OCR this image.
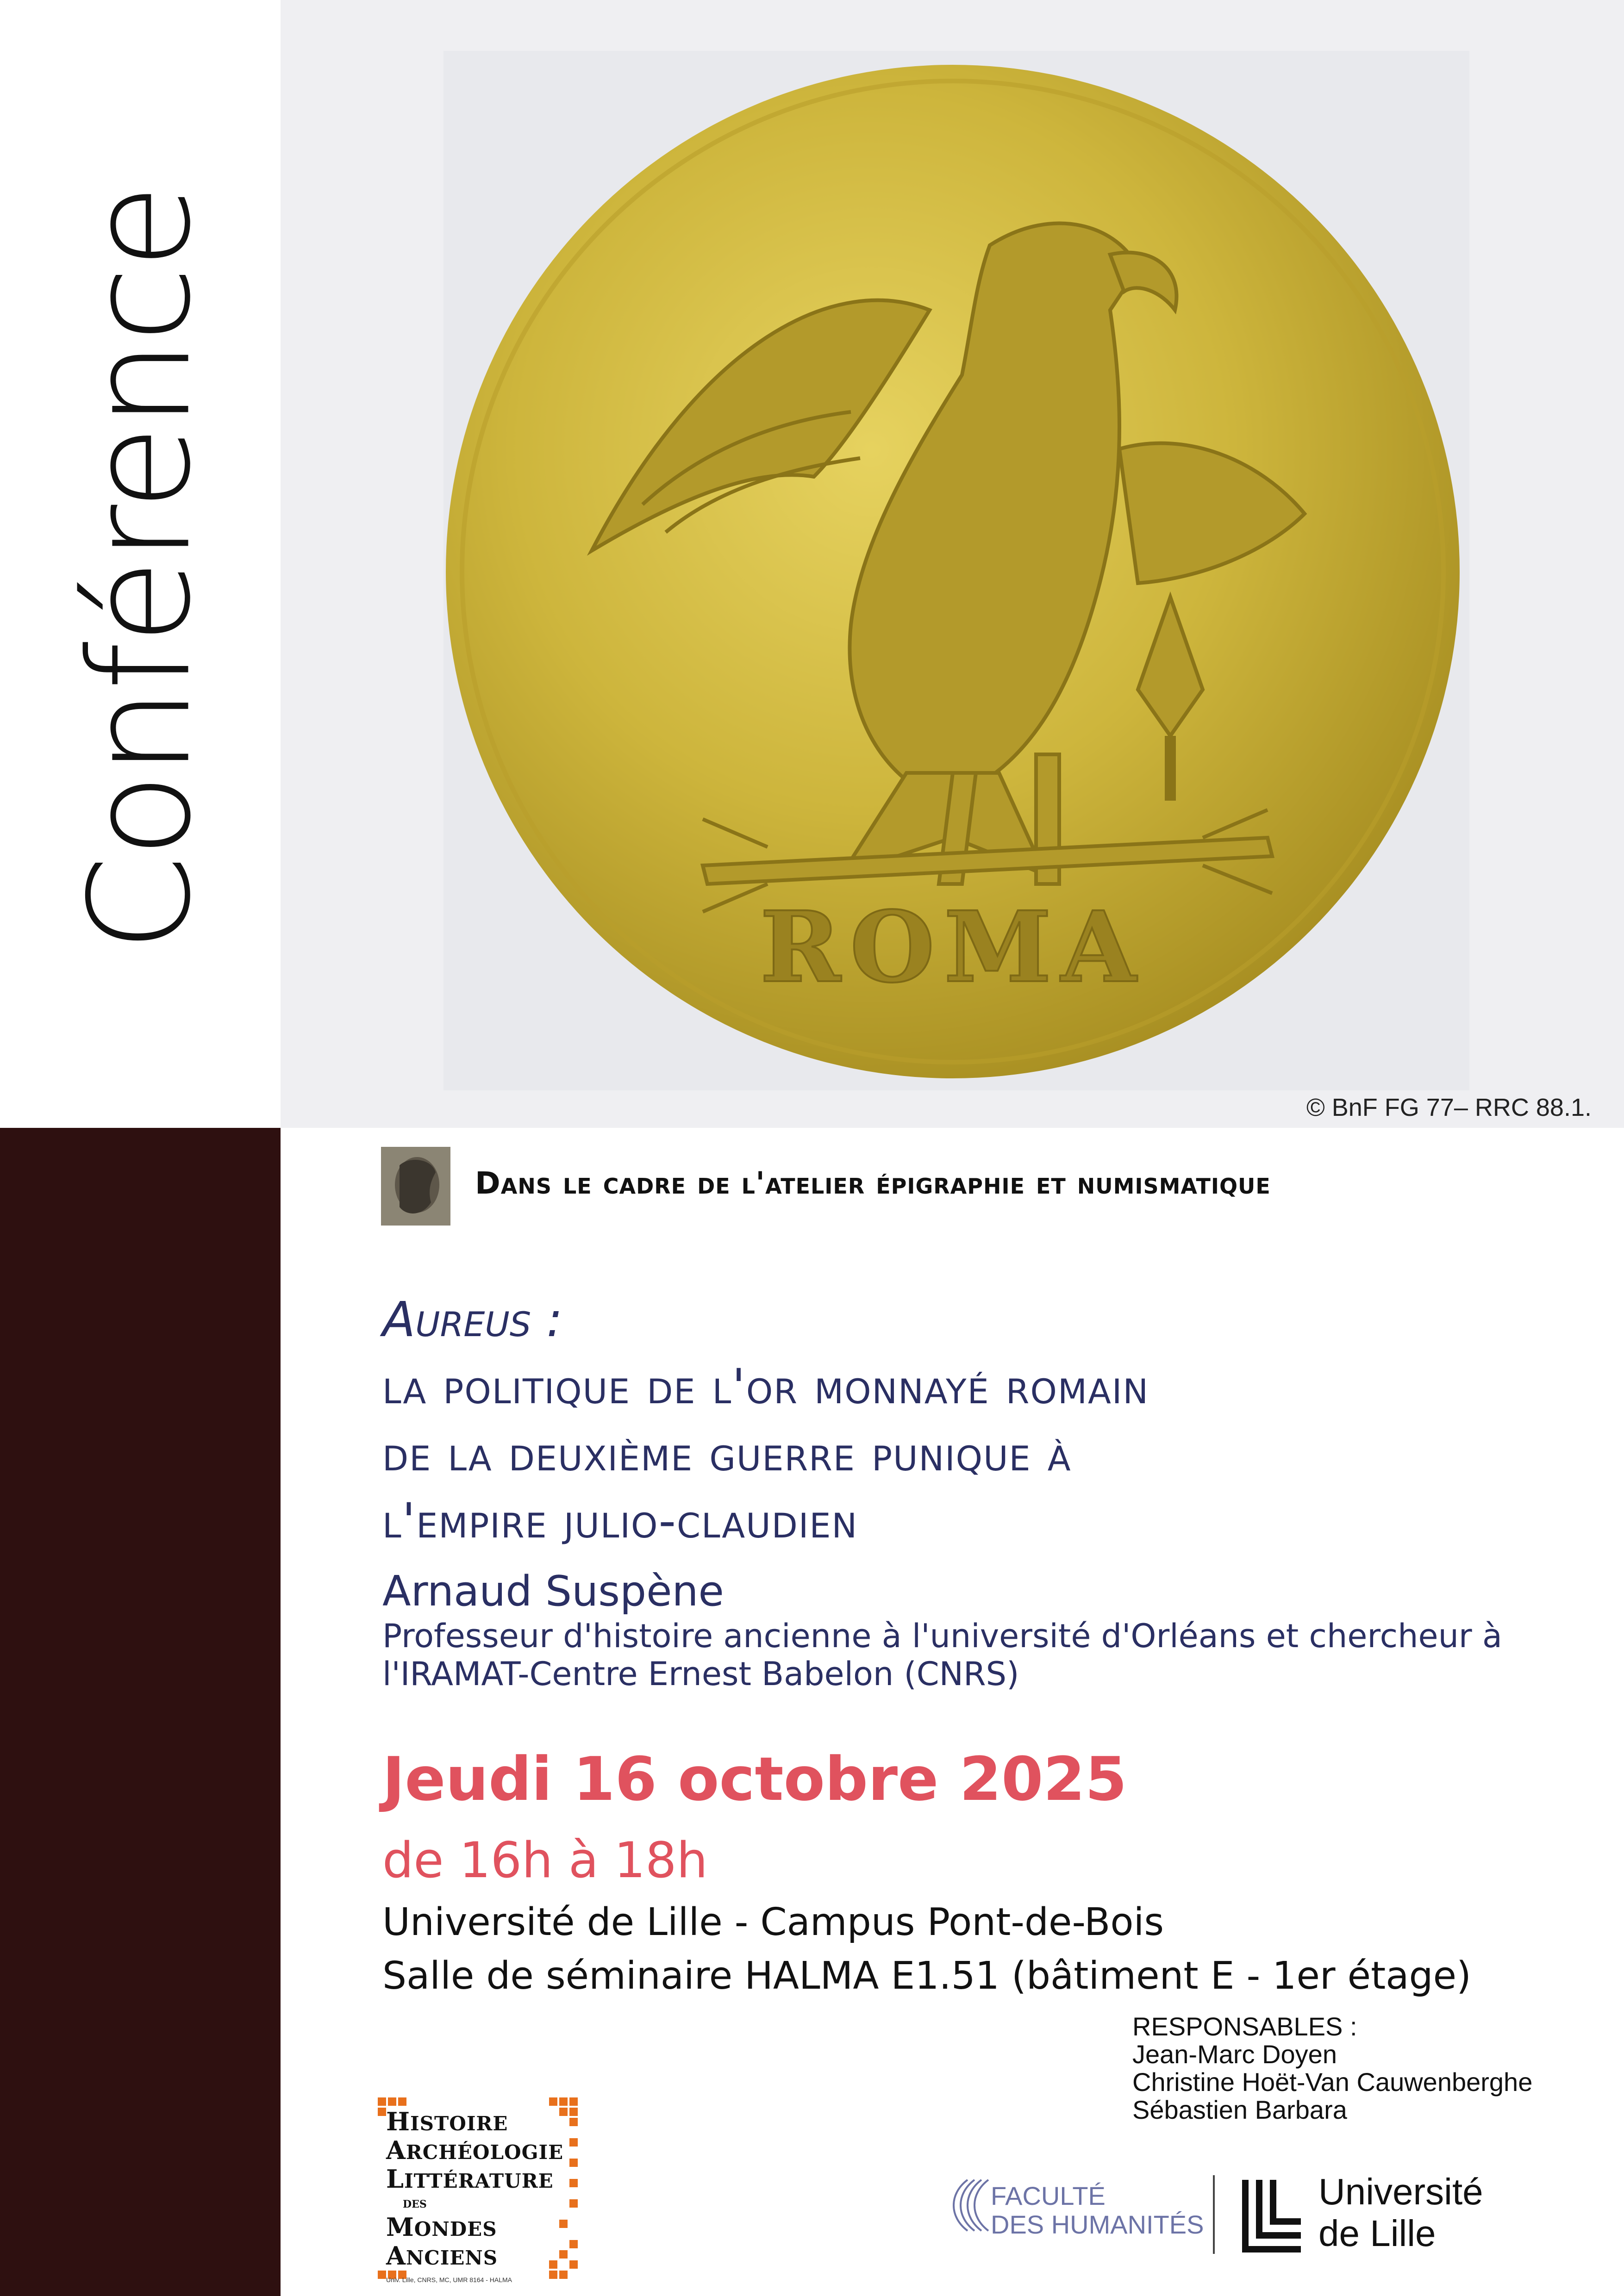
Conférence	ROMA
© BnF FG 77– RRC 88.1.
Dans le cadre de l'atelier épigraphie et numismatique
Aureus :
la politique de l'or monnayé romain
de la deuxième guerre punique à
l'empire julio-claudien
Arnaud Suspène
Professeur d'histoire ancienne à l'université d'Orléans et chercheur à
l'IRAMAT-Centre Ernest Babelon (CNRS)
Jeudi 16 octobre 2025
de 16h à 18h
Université de Lille - Campus Pont-de-Bois
Salle de séminaire HALMA E1.51 (bâtiment E - 1er étage)
RESPONSABLES :
Jean-Marc Doyen
Christine Hoët-Van Cauwenberghe
Sébastien Barbara
HISTOIRE
ARCHÉOLOGIE
LITTÉRATURE
DES
MONDES
ANCIENS
Univ. Lille, CNRS, MC, UMR 8164 - HALMA
FACULTÉ
DES HUMANITÉS
Université
de Lille
